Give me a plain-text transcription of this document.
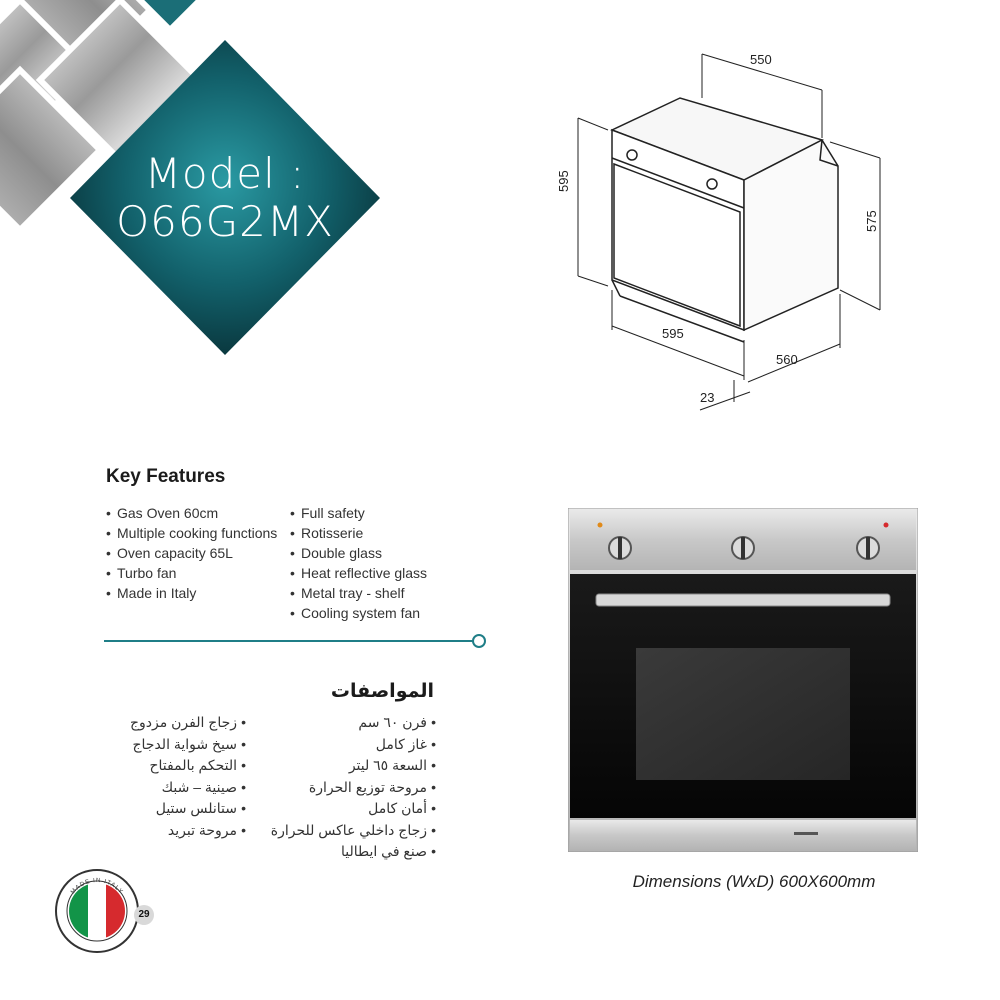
Model :
O66G2MX
550
595
575
595
560
23
Key Features
• Gas Oven 60cm
• Multiple cooking functions
• Oven capacity 65L
• Turbo fan
• Made in Italy
• Full safety
• Rotisserie
• Double glass
• Heat reflective glass
• Metal tray - shelf
• Cooling system fan
المواصفات
• فرن ٦٠ سم
• غاز كامل
• السعة ٦٥ ليتر
• مروحة توزيع الحرارة
• أمان كامل
• زجاج داخلي عاكس للحرارة
• صنع في ايطاليا
• زجاج الفرن مزدوج
• سيخ شواية الدجاج
• التحكم بالمفتاح
• صينية – شبك
• ستانلس ستيل
• مروحة تبريد
Dimensions (WxD) 600X600mm
MADE IN ITALY
29
